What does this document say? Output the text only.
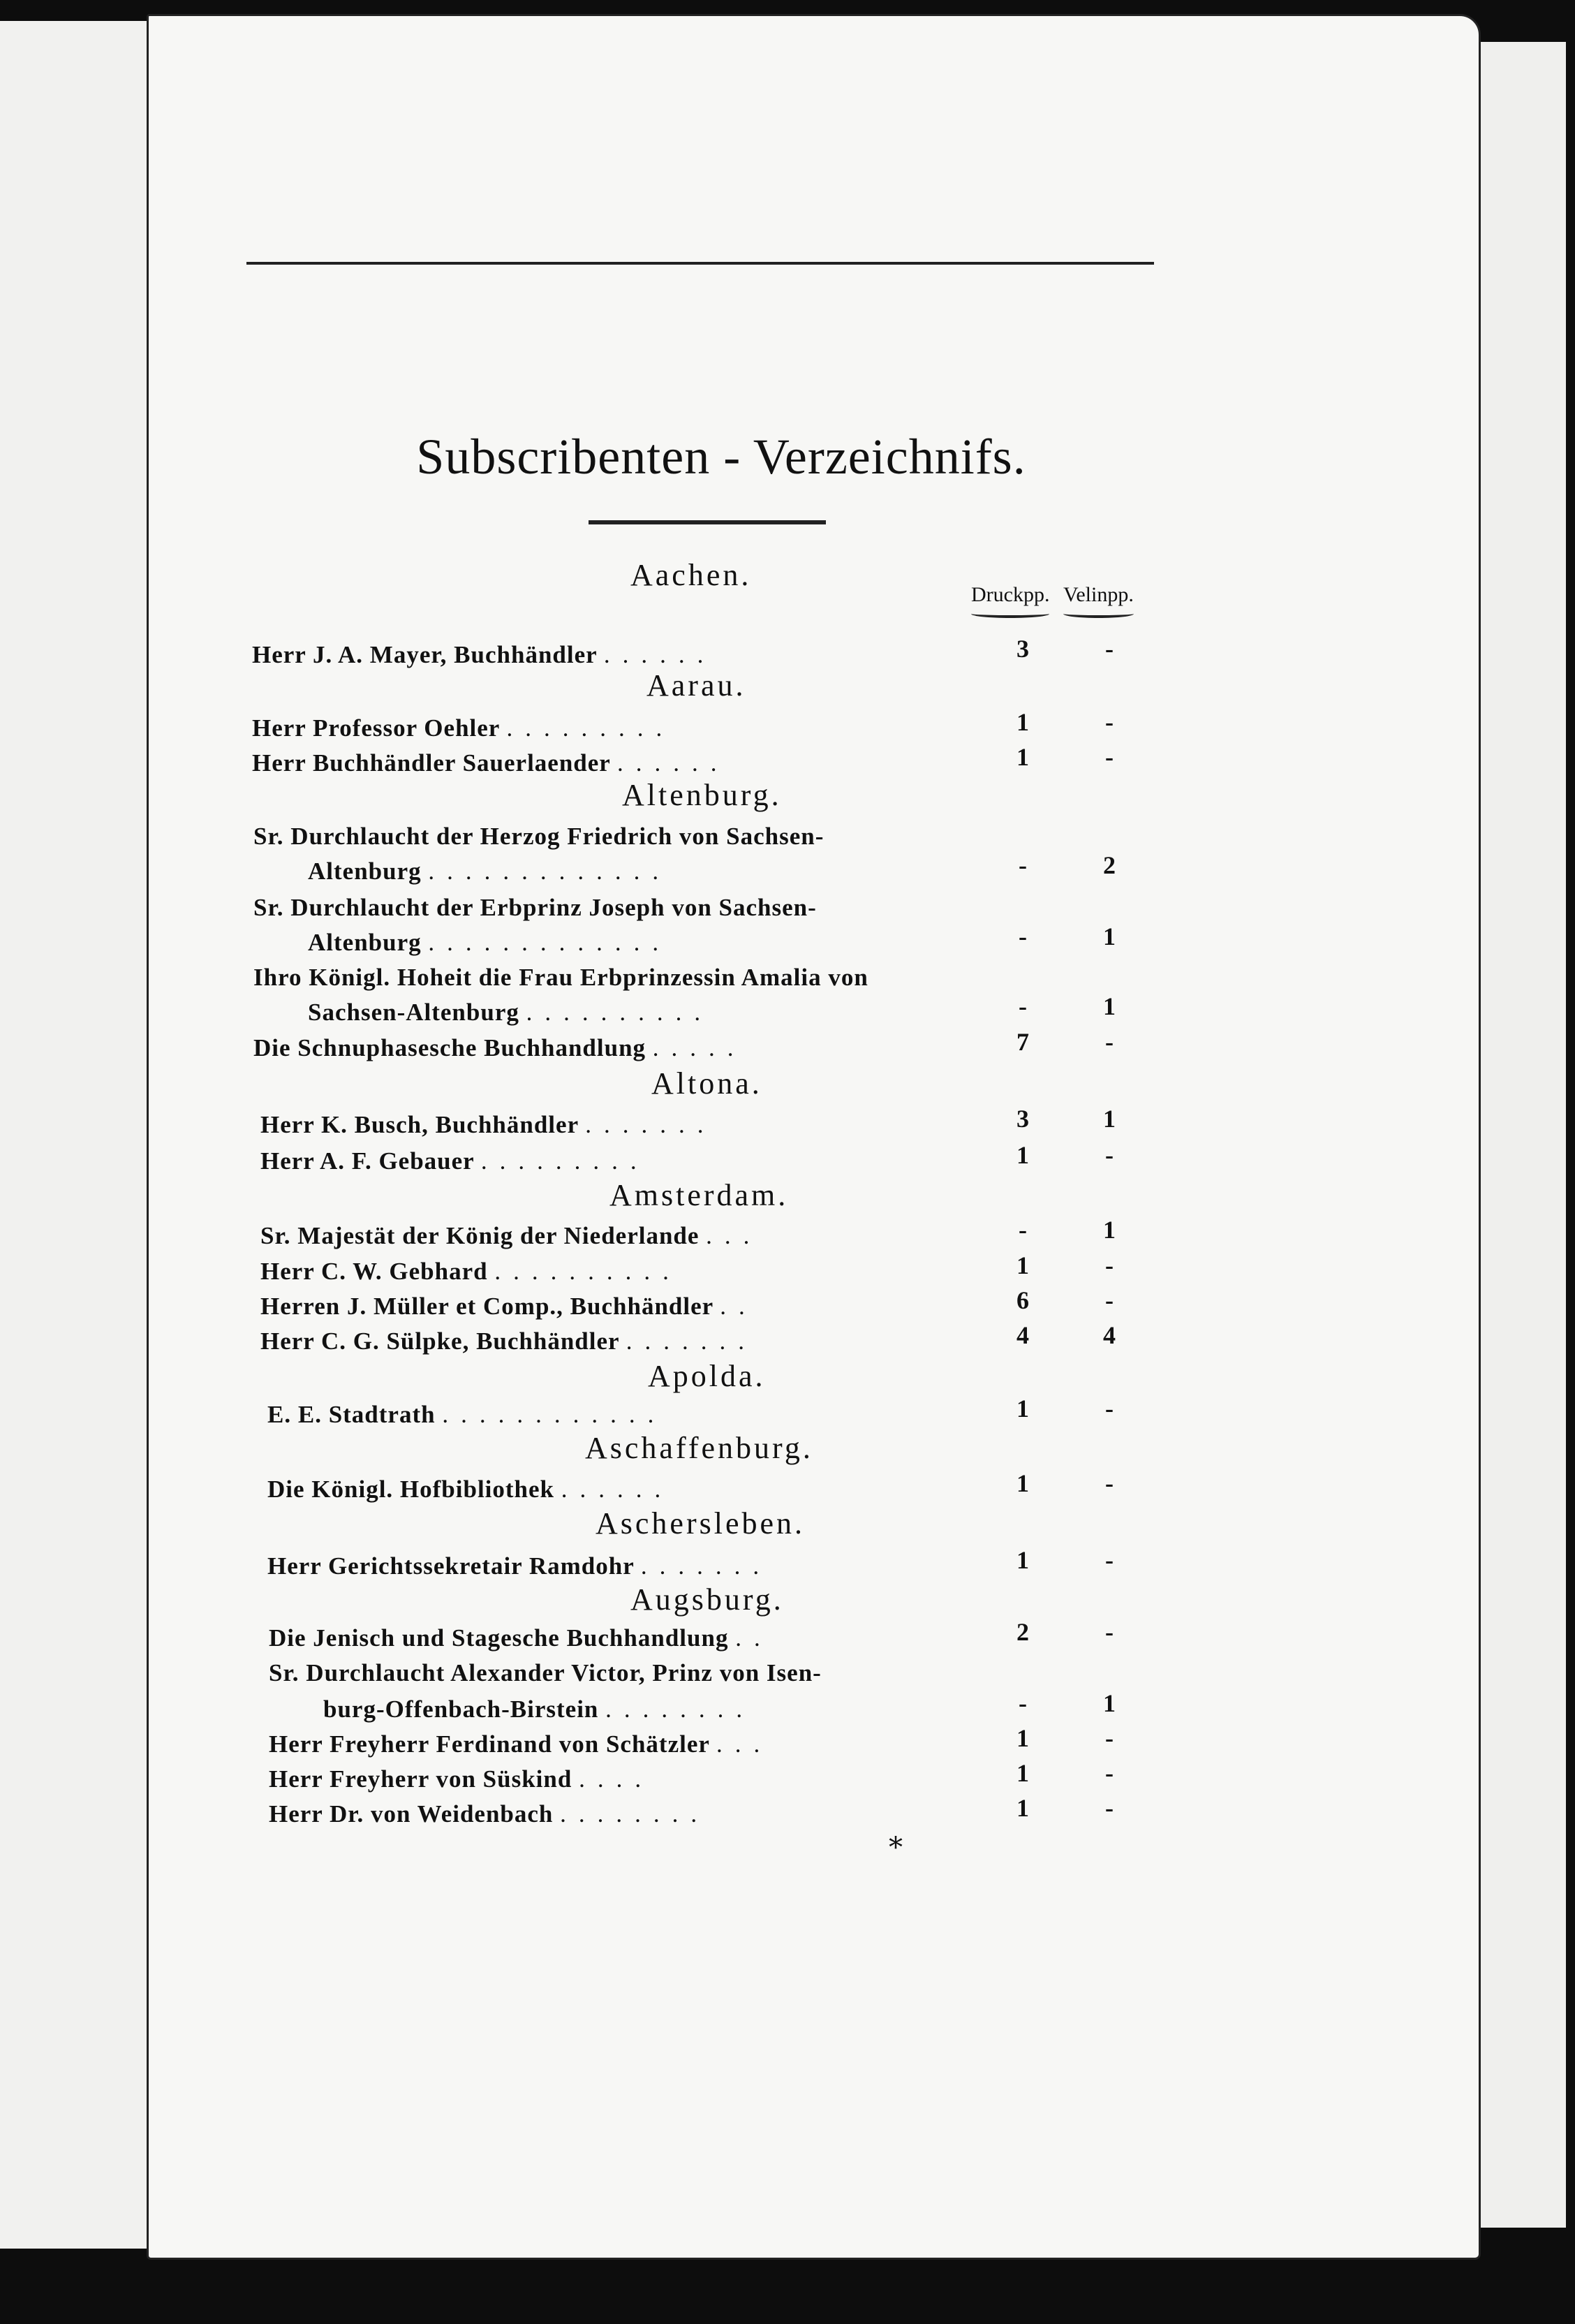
Subscribenten - Verzeichnifs.
Druckpp. Velinpp.
Aachen.
Herr J. A. Mayer, Buchhändler ......	3	-
Aarau.
Herr Professor Oehler .........	1	-
Herr Buchhändler Sauerlaender ......	1	-
Altenburg.
Sr. Durchlaucht der Herzog Friedrich von Sachsen-
Altenburg .............	-	2
Sr. Durchlaucht der Erbprinz Joseph von Sachsen-
Altenburg .............	-	1
Ihro Königl. Hoheit die Frau Erbprinzessin Amalia von
Sachsen-Altenburg ..........	-	1
Die Schnuphasesche Buchhandlung .....	7	-
Altona.
Herr K. Busch, Buchhändler .......	3	1
Herr A. F. Gebauer .........	1	-
Amsterdam.
Sr. Majestät der König der Niederlande ...	-	1
Herr C. W. Gebhard ..........	1	-
Herren J. Müller et Comp., Buchhändler ..	6	-
Herr C. G. Sülpke, Buchhändler .......	4	4
Apolda.
E. E. Stadtrath ............	1	-
Aschaffenburg.
Die Königl. Hofbibliothek ......	1	-
Aschersleben.
Herr Gerichtssekretair Ramdohr .......	1	-
Augsburg.
Die Jenisch und Stagesche Buchhandlung ..	2	-
Sr. Durchlaucht Alexander Victor, Prinz von Isen-
burg-Offenbach-Birstein ........	-	1
Herr Freyherr Ferdinand von Schätzler ...	1	-
Herr Freyherr von Süskind ....	1	-
Herr Dr. von Weidenbach ........	1	-
*
